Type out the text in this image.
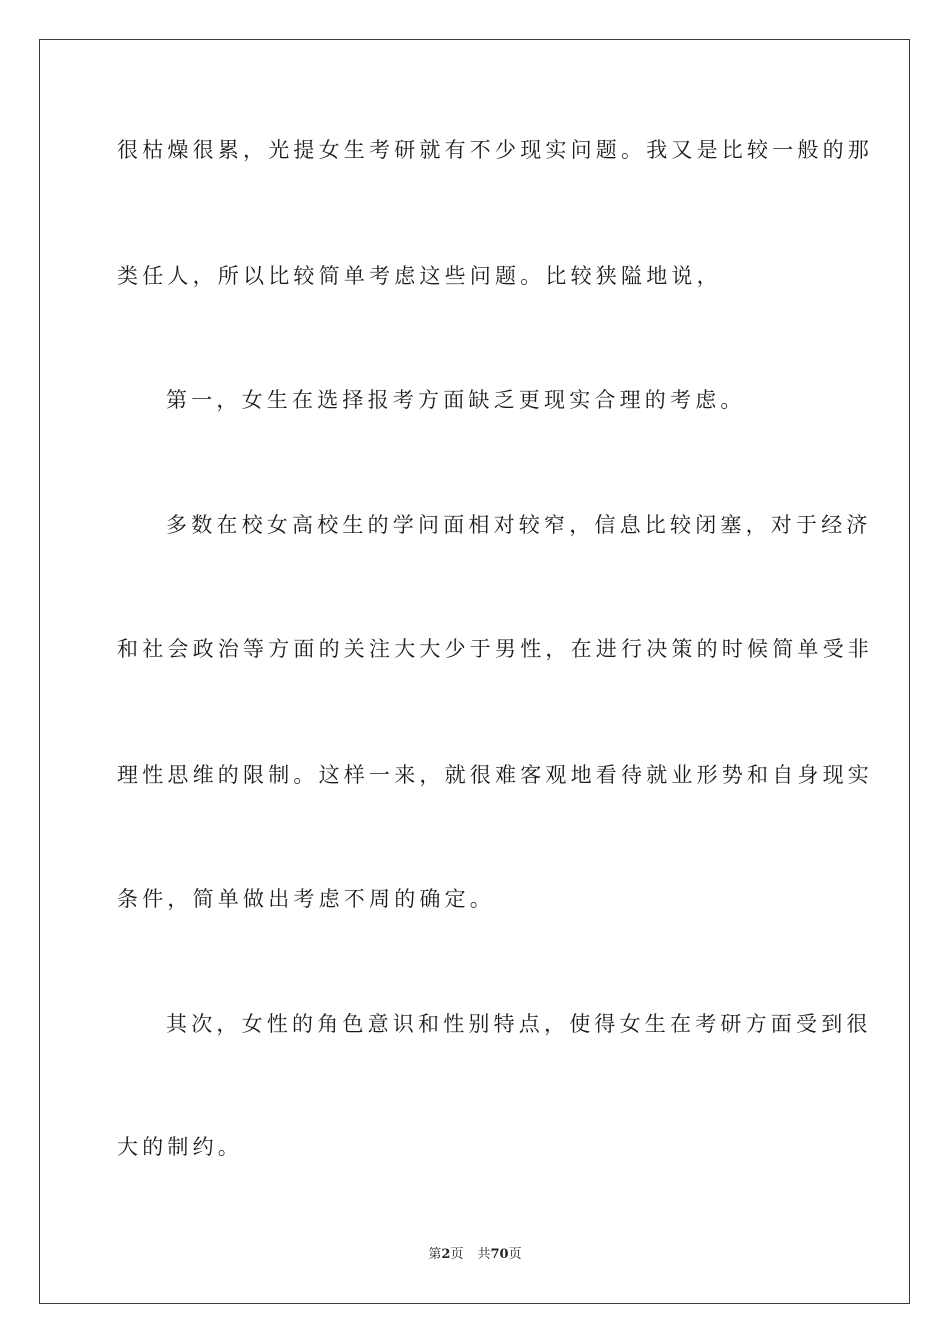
很枯燥很累，光提女生考研就有不少现实问题。我又是比较一般的那
类任人，所以比较简单考虑这些问题。比较狭隘地说，
第一，女生在选择报考方面缺乏更现实合理的考虑。
多数在校女高校生的学问面相对较窄，信息比较闭塞，对于经济
和社会政治等方面的关注大大少于男性，在进行决策的时候简单受非
理性思维的限制。这样一来，就很难客观地看待就业形势和自身现实
条件，简单做出考虑不周的确定。
其次，女性的角色意识和性别特点，使得女生在考研方面受到很
大的制约。
第2页 共70页
